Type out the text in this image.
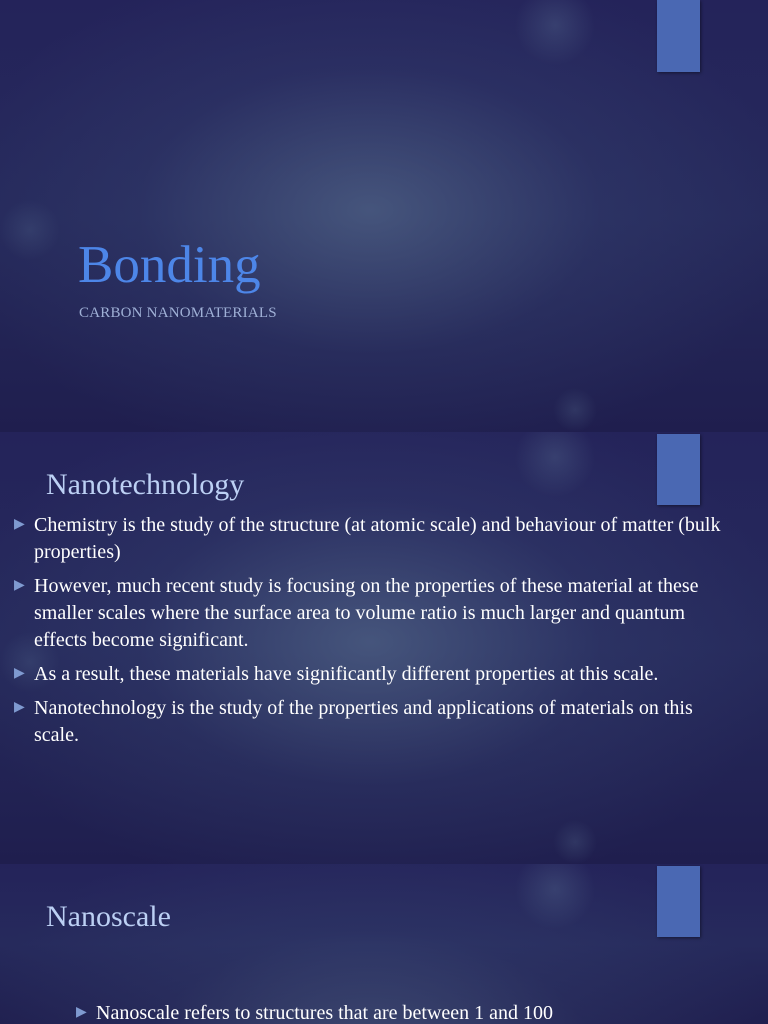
Bonding
CARBON NANOMATERIALS
Nanotechnology
▶ Chemistry is the study of the structure (at atomic scale) and behaviour of matter (bulk properties)
▶ However, much recent study is focusing on the properties of these material at these smaller scales where the surface area to volume ratio is much larger and quantum effects become significant.
▶ As a result, these materials have significantly different properties at this scale.
▶ Nanotechnology is the study of the properties and applications of materials on this scale.
Nanoscale
▶ Nanoscale refers to structures that are between 1 and 100
